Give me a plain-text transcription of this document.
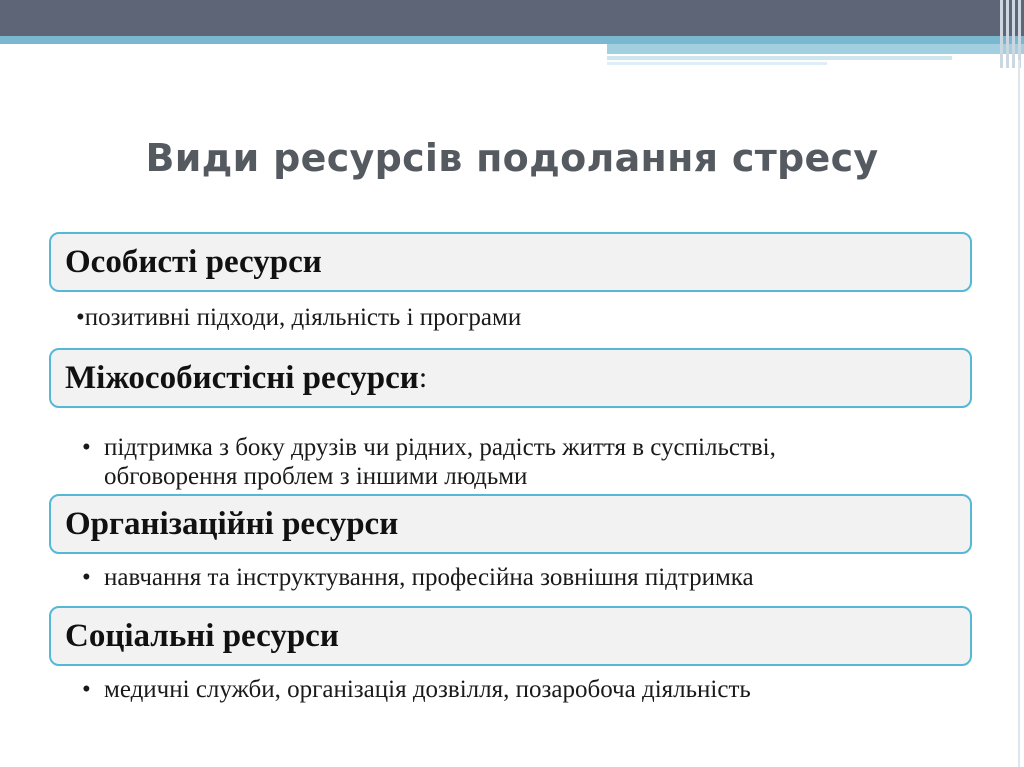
Види ресурсів подолання стресу
Особисті ресурси
•позитивні підходи, діяльність і програми
Міжособистісні ресурси :
• підтримка з боку друзів чи рідних, радість життя в суспільстві,
обговорення проблем з іншими людьми
Організаційні ресурси
• навчання та інструктування, професійна зовнішня підтримка
Соціальні ресурси
• медичні служби, організація дозвілля, позаробоча діяльність
